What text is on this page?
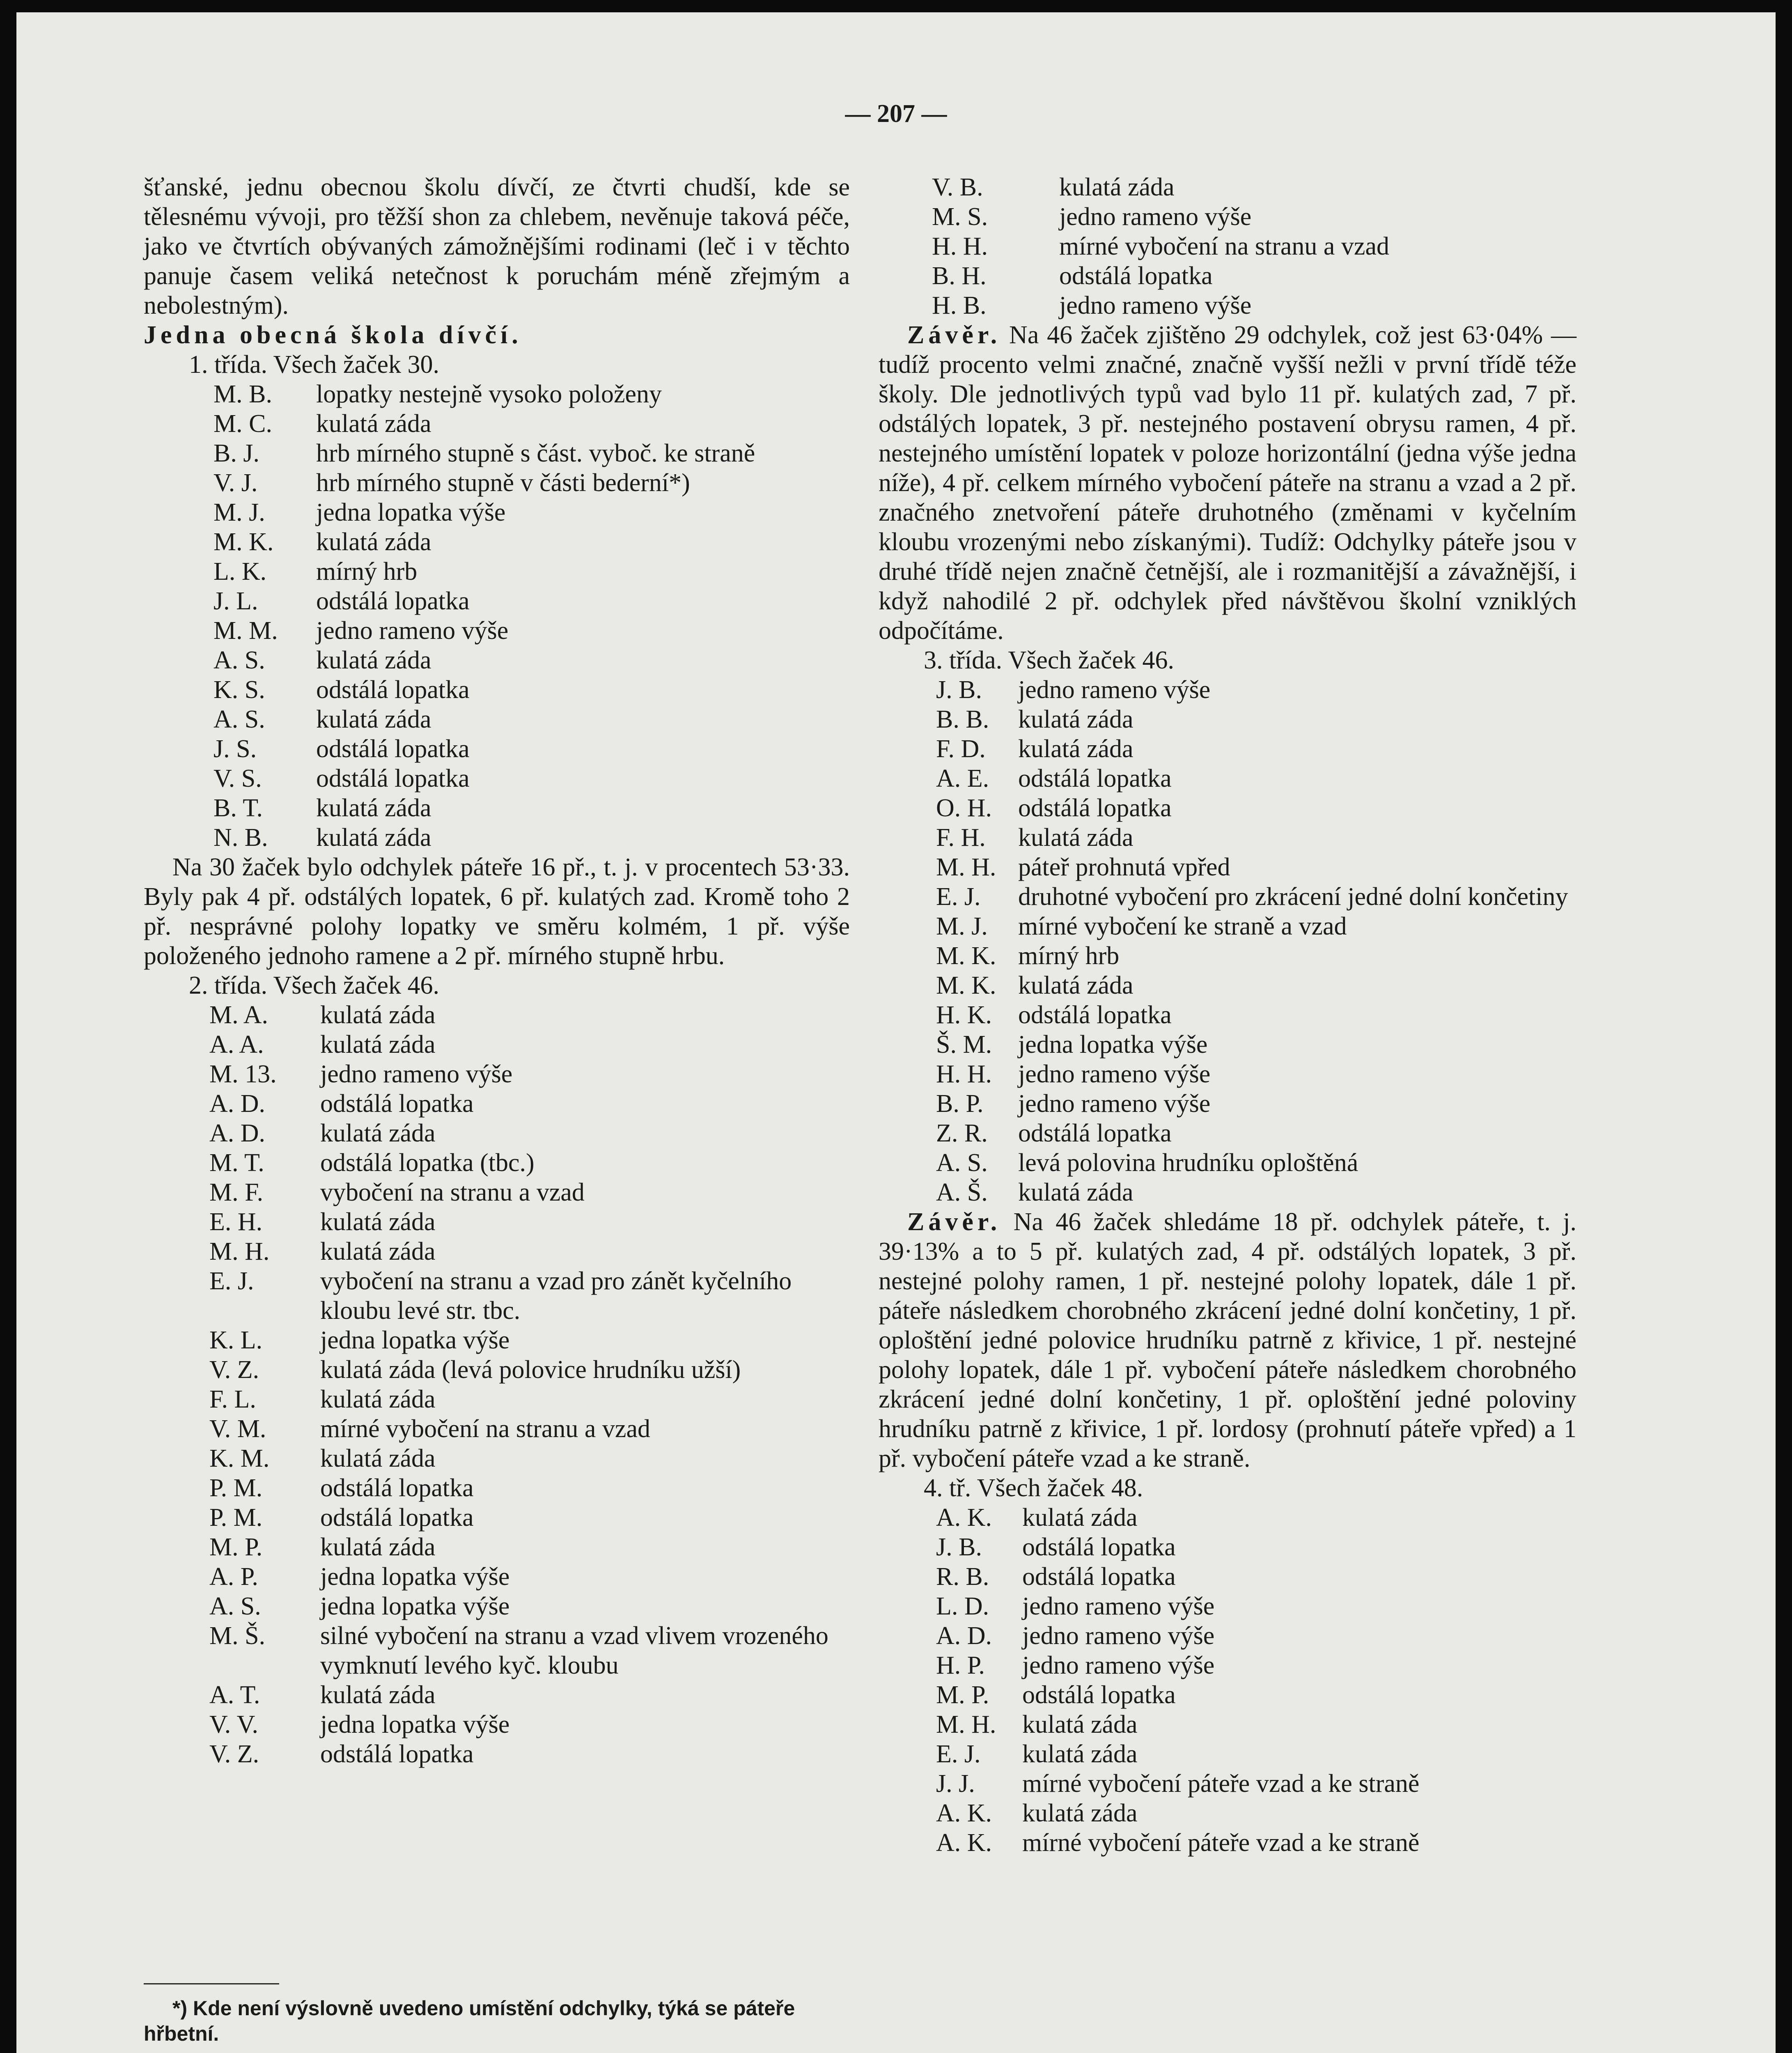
— 207 —

šťanské, jednu obecnou školu dívčí, ze čtvrti chudší, kde se tělesnému vývoji, pro těžší shon za chlebem, nevěnuje taková péče, jako ve čtvrtích obývaných zámožnějšími rodinami (leč i v těchto panuje časem veliká netečnost k poruchám méně zřejmým a nebolestným).

Jedna obecná škola dívčí.

1. třída. Všech žaček 30.

M. B.	lopatky nestejně vysoko položeny
M. C.	kulatá záda
B. J.	hrb mírného stupně s část. vyboč. ke straně
V. J.	hrb mírného stupně v části bederní*)
M. J.	jedna lopatka výše
M. K.	kulatá záda
L. K.	mírný hrb
J. L.	odstálá lopatka
M. M.	jedno rameno výše
A. S.	kulatá záda
K. S.	odstálá lopatka
A. S.	kulatá záda
J. S.	odstálá lopatka
V. S.	odstálá lopatka
B. T.	kulatá záda
N. B.	kulatá záda

Na 30 žaček bylo odchylek páteře 16 př., t. j. v procentech 53·33. Byly pak 4 př. odstálých lopatek, 6 př. kulatých zad. Kromě toho 2 př. nesprávné polohy lopatky ve směru kolmém, 1 př. výše položeného jednoho ramene a 2 př. mírného stupně hrbu.

2. třída. Všech žaček 46.

M. A.	kulatá záda
A. A.	kulatá záda
M. 13.	jedno rameno výše
A. D.	odstálá lopatka
A. D.	kulatá záda
M. T.	odstálá lopatka (tbc.)
M. F.	vybočení na stranu a vzad
E. H.	kulatá záda
M. H.	kulatá záda
E. J.	vybočení na stranu a vzad pro zánět kyčelního kloubu levé str. tbc.
K. L.	jedna lopatka výše
V. Z.	kulatá záda (levá polovice hrudníku užší)
F. L.	kulatá záda
V. M.	mírné vybočení na stranu a vzad
K. M.	kulatá záda
P. M.	odstálá lopatka
P. M.	odstálá lopatka
M. P.	kulatá záda
A. P.	jedna lopatka výše
A. S.	jedna lopatka výše
M. Š.	silné vybočení na stranu a vzad vlivem vrozeného vymknutí levého kyč. kloubu
A. T.	kulatá záda
V. V.	jedna lopatka výše
V. Z.	odstálá lopatka
*) Kde není výslovně uvedeno umístění odchylky, týká se páteře hřbetní.
V. B.	kulatá záda
M. S.	jedno rameno výše
H. H.	mírné vybočení na stranu a vzad
B. H.	odstálá lopatka
H. B.	jedno rameno výše

Závěr. Na 46 žaček zjištěno 29 odchylek, což jest 63·04% — tudíž procento velmi značné, značně vyšší nežli v první třídě téže školy. Dle jednotlivých typů vad bylo 11 př. kulatých zad, 7 př. odstálých lopatek, 3 př. nestejného postavení obrysu ramen, 4 př. nestejného umístění lopatek v poloze horizontální (jedna výše jedna níže), 4 př. celkem mírného vybočení páteře na stranu a vzad a 2 př. značného znetvoření páteře druhotného (změnami v kyčelním kloubu vrozenými nebo získanými). Tudíž: Odchylky páteře jsou v druhé třídě nejen značně četnější, ale i rozmanitější a závažnější, i když nahodilé 2 př. odchylek před návštěvou školní vzniklých odpočítáme.

3. třída. Všech žaček 46.

J. B.	jedno rameno výše
B. B.	kulatá záda
F. D.	kulatá záda
A. E.	odstálá lopatka
O. H.	odstálá lopatka
F. H.	kulatá záda
M. H. páteř prohnutá vpřed
E. J.	druhotné vybočení pro zkrácení jedné dolní končetiny
M. J.	mírné vybočení ke straně a vzad
M. K. mírný hrb
M. K. kulatá záda
H. K.	odstálá lopatka
Š. M.	jedna lopatka výše
H. H.	jedno rameno výše
B. P.	jedno rameno výše
Z. R.	odstálá lopatka
A. S.	levá polovina hrudníku oploštěná
A. Š.	kulatá záda

Závěr. Na 46 žaček shledáme 18 př. odchylek páteře, t. j. 39·13% a to 5 př. kulatých zad, 4 př. odstálých lopatek, 3 př. nestejné polohy ramen, 1 př. nestejné polohy lopatek, dále 1 př. páteře následkem chorobného zkrácení jedné dolní končetiny, 1 př. oploštění jedné polovice hrudníku patrně z křivice, 1 př. nestejné polohy lopatek, dále 1 př. vybočení páteře následkem chorobného zkrácení jedné dolní končetiny, 1 př. oploštění jedné poloviny hrudníku patrně z křivice, 1 př. lordosy (prohnutí páteře vpřed) a 1 př. vybočení páteře vzad a ke straně.

4. tř. Všech žaček 48.

A. K.	kulatá záda
J. B.	odstálá lopatka
R. B.	odstálá lopatka
L. D.	jedno rameno výše
A. D.	jedno rameno výše
H. P.	jedno rameno výše
M. P.	odstálá lopatka
M. H.	kulatá záda
E. J.	kulatá záda
J. J.	mírné vybočení páteře vzad a ke straně
A. K.	kulatá záda
A. K.	mírné vybočení páteře vzad a ke straně
